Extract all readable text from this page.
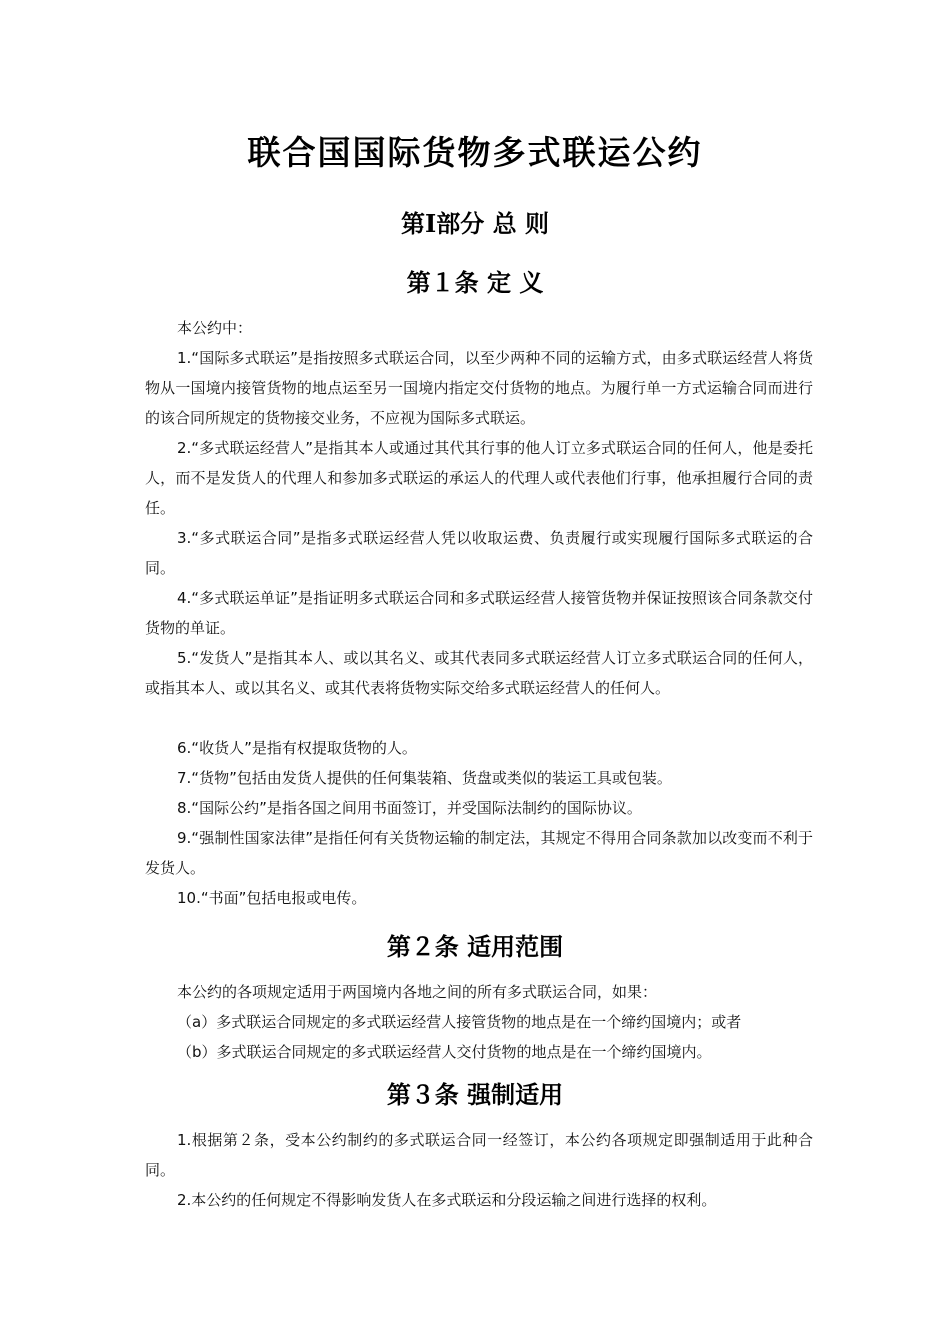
联合国国际货物多式联运公约
第Ⅰ部分 总 则
第１条 定 义

本公约中：

1.“国际多式联运”是指按照多式联运合同，以至少两种不同的运输方式，由多式联运经营人将货物从一国境内接管货物的地点运至另一国境内指定交付货物的地点。为履行单一方式运输合同而进行的该合同所规定的货物接交业务，不应视为国际多式联运。

2.“多式联运经营人”是指其本人或通过其代其行事的他人订立多式联运合同的任何人，他是委托人，而不是发货人的代理人和参加多式联运的承运人的代理人或代表他们行事，他承担履行合同的责任。

3.“多式联运合同”是指多式联运经营人凭以收取运费、负责履行或实现履行国际多式联运的合同。

4.“多式联运单证”是指证明多式联运合同和多式联运经营人接管货物并保证按照该合同条款交付货物的单证。

5.“发货人”是指其本人、或以其名义、或其代表同多式联运经营人订立多式联运合同的任何人，或指其本人、或以其名义、或其代表将货物实际交给多式联运经营人的任何人。

6.“收货人”是指有权提取货物的人。

7.“货物”包括由发货人提供的任何集装箱、货盘或类似的装运工具或包装。

8.“国际公约”是指各国之间用书面签订，并受国际法制约的国际协议。

9.“强制性国家法律”是指任何有关货物运输的制定法，其规定不得用合同条款加以改变而不利于发货人。

10.“书面”包括电报或电传。

第２条 适用范围

本公约的各项规定适用于两国境内各地之间的所有多式联运合同，如果：

（a）多式联运合同规定的多式联运经营人接管货物的地点是在一个缔约国境内；或者

（b）多式联运合同规定的多式联运经营人交付货物的地点是在一个缔约国境内。

第３条 强制适用

1.根据第２条，受本公约制约的多式联运合同一经签订，本公约各项规定即强制适用于此种合同。

2.本公约的任何规定不得影响发货人在多式联运和分段运输之间进行选择的权利。
